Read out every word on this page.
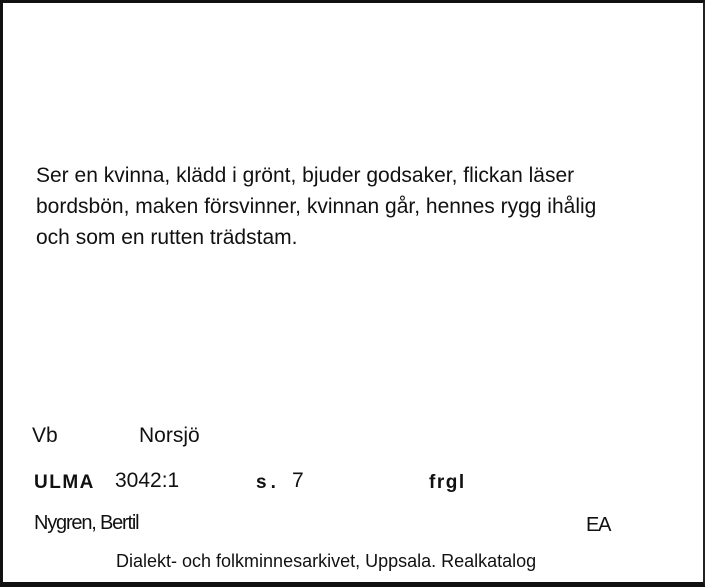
Ser en kvinna, klädd i grönt, bjuder godsaker, flickan läser
bordsbön, maken försvinner, kvinnan går, hennes rygg ihålig
och som en rutten trädstam.

Vb	Norsjö
ULMA 3042:1	s. 7	frgl
Nygren, Bertil	EA
Dialekt- och folkminnesarkivet, Uppsala. Realkatalog
